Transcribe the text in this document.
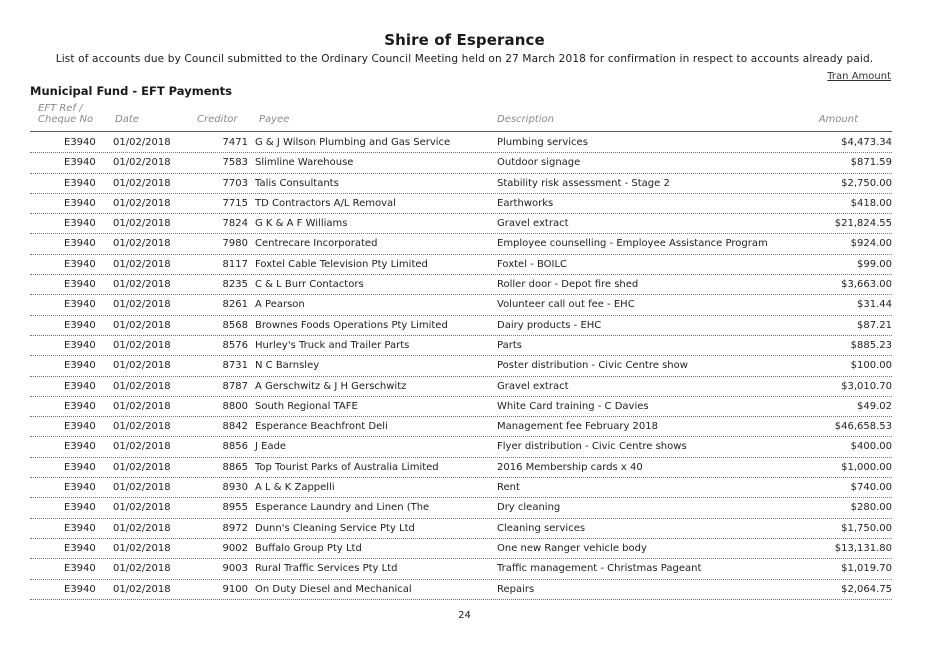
Shire of Esperance
List of accounts due by Council submitted to the Ordinary Council Meeting held on 27 March 2018 for confirmation in respect to accounts already paid.
Tran Amount
Municipal Fund - EFT Payments
EFT Ref /
Cheque No Date	Creditor Payee	Description	Amount
E3940 01/02/2018	7471 G & J Wilson Plumbing and Gas Service	Plumbing services	$4,473.34
E3940 01/02/2018	7583 Slimline Warehouse	Outdoor signage	$871.59
E3940 01/02/2018	7703 Talis Consultants	Stability risk assessment - Stage 2	$2,750.00
E3940 01/02/2018	7715 TD Contractors A/L Removal	Earthworks	$418.00
E3940 01/02/2018	7824 G K & A F Williams	Gravel extract	$21,824.55
E3940 01/02/2018	7980 Centrecare Incorporated	Employee counselling - Employee Assistance Program	$924.00
E3940 01/02/2018	8117 Foxtel Cable Television Pty Limited	Foxtel - BOILC	$99.00
E3940 01/02/2018	8235 C & L Burr Contactors	Roller door - Depot fire shed	$3,663.00
E3940 01/02/2018	8261 A Pearson	Volunteer call out fee - EHC	$31.44
E3940 01/02/2018	8568 Brownes Foods Operations Pty Limited	Dairy products - EHC	$87.21
E3940 01/02/2018	8576 Hurley's Truck and Trailer Parts	Parts	$885.23
E3940 01/02/2018	8731 N C Barnsley	Poster distribution - Civic Centre show	$100.00
E3940 01/02/2018	8787 A Gerschwitz & J H Gerschwitz	Gravel extract	$3,010.70
E3940 01/02/2018	8800 South Regional TAFE	White Card training - C Davies	$49.02
E3940 01/02/2018	8842 Esperance Beachfront Deli	Management fee February 2018	$46,658.53
E3940 01/02/2018	8856 J Eade	Flyer distribution - Civic Centre shows	$400.00
E3940 01/02/2018	8865 Top Tourist Parks of Australia Limited	2016 Membership cards x 40	$1,000.00
E3940 01/02/2018	8930 A L & K Zappelli	Rent	$740.00
E3940 01/02/2018	8955 Esperance Laundry and Linen (The	Dry cleaning	$280.00
E3940 01/02/2018	8972 Dunn's Cleaning Service Pty Ltd	Cleaning services	$1,750.00
E3940 01/02/2018	9002 Buffalo Group Pty Ltd	One new Ranger vehicle body	$13,131.80
E3940 01/02/2018	9003 Rural Traffic Services Pty Ltd	Traffic management - Christmas Pageant	$1,019.70
E3940 01/02/2018	9100 On Duty Diesel and Mechanical	Repairs	$2,064.75
24
